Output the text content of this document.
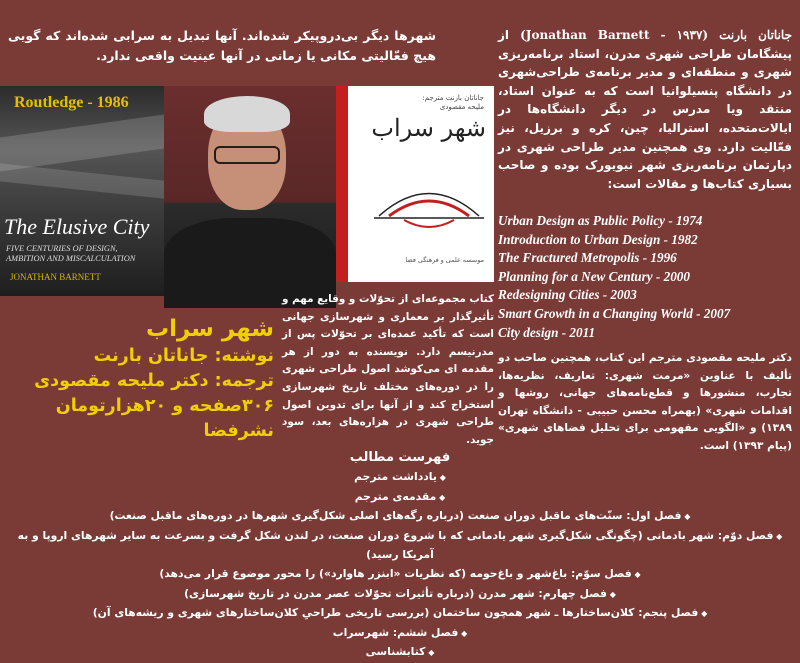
شهرها دیگر بی‌درو‌پیکر شده‌اند. آنها تبدیل به سرابی شده‌اند که گویی هیچ فعّالیتی مکانی یا زمانی در آنها عینیت واقعی ندارد.
جاناتان بارنت (Jonathan Barnett - ۱۹۳۷) از پیشگامان طراحی شهری مدرن، استاد برنامه‌ریزی شهری و منطقه‌ای و مدیر برنامه‌ی طراحی‌شهری در دانشگاه پنسیلوانیا است که به عنوان استاد، منتقد ویا مدرس در دیگر دانشگاه‌ها در ایالات‌متحده، استرالیا، چین، کره و برزیل، نیز فعّالیت دارد. وی همچنین مدیر طراحی شهری در دپارتمان برنامه‌ریزی شهر نیویورک بوده و صاحب بسیاری کتاب‌ها و مقالات است:
Urban Design as Public Policy - 1974
Introduction to Urban Design - 1982
The Fractured Metropolis - 1996
Planning for a New Century - 2000
Redesigning Cities - 2003
Smart Growth in a Changing World - 2007
City design - 2011
دکتر ملیحه مقصودی مترجم این کتاب، همچنین صاحب دو تألیف با عناوین «مرمت شهری: تعاریف، نظریه‌ها، تجارب، منشورها و قطع‌نامه‌های جهانی، روشها و اقدامات شهری» (بهمراه محسن حبیبی - دانشگاه تهران ۱۳۸۹) و «الگویی مفهومی برای تحلیل فضاهای شهری» (پیام ۱۳۹۳) است.
Routledge - 1986
The Elusive City
FIVE CENTURIES OF DESIGN, AMBITION AND MISCALCULATION
JONATHAN BARNETT
جاناتان بارنت مترجم: ملیحه مقصودی
شهر سراب
موسسه علمی و فرهنگی فضا
کتاب مجموعه‌ای از تحوّلات و وقایع مهم و تأثیرگذار بر معماری و شهرسازی جهانی است که تأکید عمده‌ای بر تحوّلات پس از مدرنیسم دارد. نویسنده به دور از هر مقدمه ای می‌کوشد اصول طراحی شهری را در دوره‌های مختلف تاریخ شهرسازی استخراج کند و از آنها برای تدوین اصول طراحی شهری در هزاره‌های بعد، سود جوید.
شهر سراب
نوشته: جاناتان بارنت
ترجمه: دکتر ملیحه مقصودی
۳۰۶صفحه و ۲۰هزارتومان
نشرفضا
فهرست مطالب
◆ یادداشت مترجم
◆ مقدمه‌ی مترجم
◆ فصل اول: سنّت‌های ماقبل دوران صنعت (درباره رگه‌های اصلی شکل‌گیری شهرها در دوره‌های ماقبل صنعت)
◆ فصل دوّم: شهر بادمانی (چگونگی شکل‌گیری شهر یادمانی که با شروع دوران صنعت، در لندن شکل گرفت و بسرعت به سایر شهرهای اروپا و به آمریکا رسید)
◆ فصل سوّم: باغ‌شهر و باغ‌حومه (که نظریات «ابنزر هاوارد») را محور موضوع قرار می‌دهد)
◆ فصل چهارم: شهر مدرن (درباره تأثیرات تحوّلات عصر مدرن در تاریخ شهرسازی)
◆ فصل پنجم: کلان‌ساختارها ـ شهر همچون ساختمان (بررسی تاریخی طراحیِ کلان‌ساختارهای شهری و ریشه‌های آن)
◆ فصل ششم: شهر‌سراب
◆ کتابشناسی
